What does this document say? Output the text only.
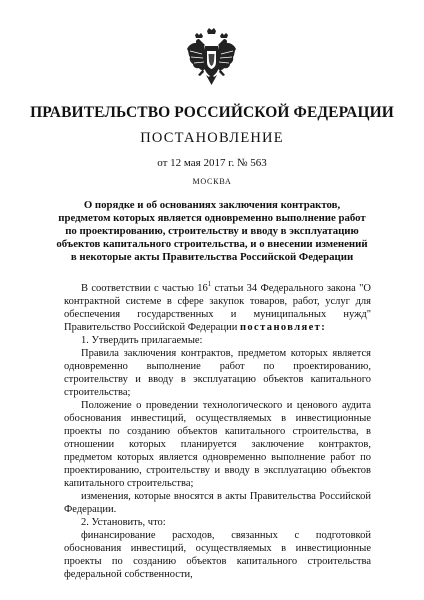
ПРАВИТЕЛЬСТВО РОССИЙСКОЙ ФЕДЕРАЦИИ
ПОСТАНОВЛЕНИЕ
от 12 мая 2017 г. № 563
МОСКВА
О порядке и об основаниях заключения контрактов,
предметом которых является одновременно выполнение работ
по проектированию, строительству и вводу в эксплуатацию
объектов капитального строительства, и о внесении изменений
в некоторые акты Правительства Российской Федерации

В соответствии с частью $16^1$ статьи 34 Федерального закона "О контрактной системе в сфере закупок товаров, работ, услуг для обеспечения государственных и муниципальных нужд" Правительство Российской Федерации постановляет:

1. Утвердить прилагаемые:

Правила заключения контрактов, предметом которых является одновременно выполнение работ по проектированию, строительству и вводу в эксплуатацию объектов капитального строительства;

Положение о проведении технологического и ценового аудита обоснования инвестиций, осуществляемых в инвестиционные проекты по созданию объектов капитального строительства, в отношении которых планируется заключение контрактов, предметом которых является одновременно выполнение работ по проектированию, строительству и вводу в эксплуатацию объектов капитального строительства;

изменения, которые вносятся в акты Правительства Российской Федерации.

2. Установить, что:

финансирование расходов, связанных с подготовкой обоснования инвестиций, осуществляемых в инвестиционные проекты по созданию объектов капитального строительства федеральной собственности,
